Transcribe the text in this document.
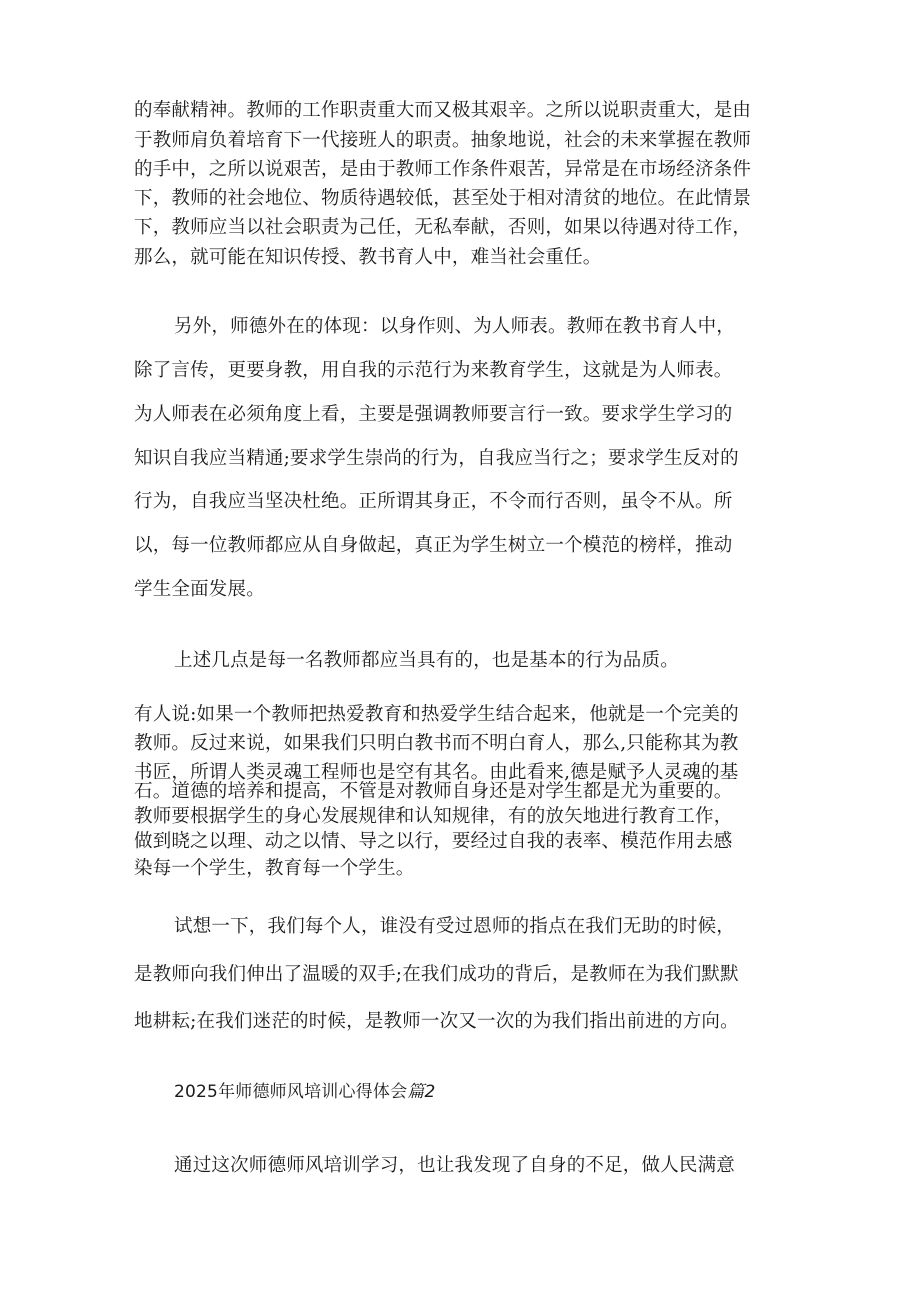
的奉献精神。教师的工作职责重大而又极其艰辛。之所以说职责重大，是由
于教师肩负着培育下一代接班人的职责。抽象地说，社会的未来掌握在教师
的手中，之所以说艰苦，是由于教师工作条件艰苦，异常是在市场经济条件
下，教师的社会地位、物质待遇较低，甚至处于相对清贫的地位。在此情景
下，教师应当以社会职责为己任，无私奉献，否则，如果以待遇对待工作，
那么，就可能在知识传授、教书育人中，难当社会重任。
另外，师德外在的体现：以身作则、为人师表。教师在教书育人中，
除了言传，更要身教，用自我的示范行为来教育学生，这就是为人师表。
为人师表在必须角度上看，主要是强调教师要言行一致。要求学生学习的
知识自我应当精通;要求学生崇尚的行为，自我应当行之；要求学生反对的
行为，自我应当坚决杜绝。正所谓其身正，不令而行否则，虽令不从。所
以，每一位教师都应从自身做起，真正为学生树立一个模范的榜样，推动
学生全面发展。
上述几点是每一名教师都应当具有的，也是基本的行为品质。
有人说:如果一个教师把热爱教育和热爱学生结合起来，他就是一个完美的
教师。反过来说，如果我们只明白教书而不明白育人，那么,只能称其为教
书匠，所谓人类灵魂工程师也是空有其名。由此看来,德是赋予人灵魂的基
石。道德的培养和提高，不管是对教师自身还是对学生都是尤为重要的。
教师要根据学生的身心发展规律和认知规律，有的放矢地进行教育工作，
做到晓之以理、动之以情、导之以行，要经过自我的表率、模范作用去感
染每一个学生，教育每一个学生。
试想一下，我们每个人，谁没有受过恩师的指点在我们无助的时候，
是教师向我们伸出了温暖的双手;在我们成功的背后，是教师在为我们默默
地耕耘;在我们迷茫的时候，是教师一次又一次的为我们指出前进的方向。
2025年师德师风培训心得体会篇2
通过这次师德师风培训学习，也让我发现了自身的不足，做人民满意
